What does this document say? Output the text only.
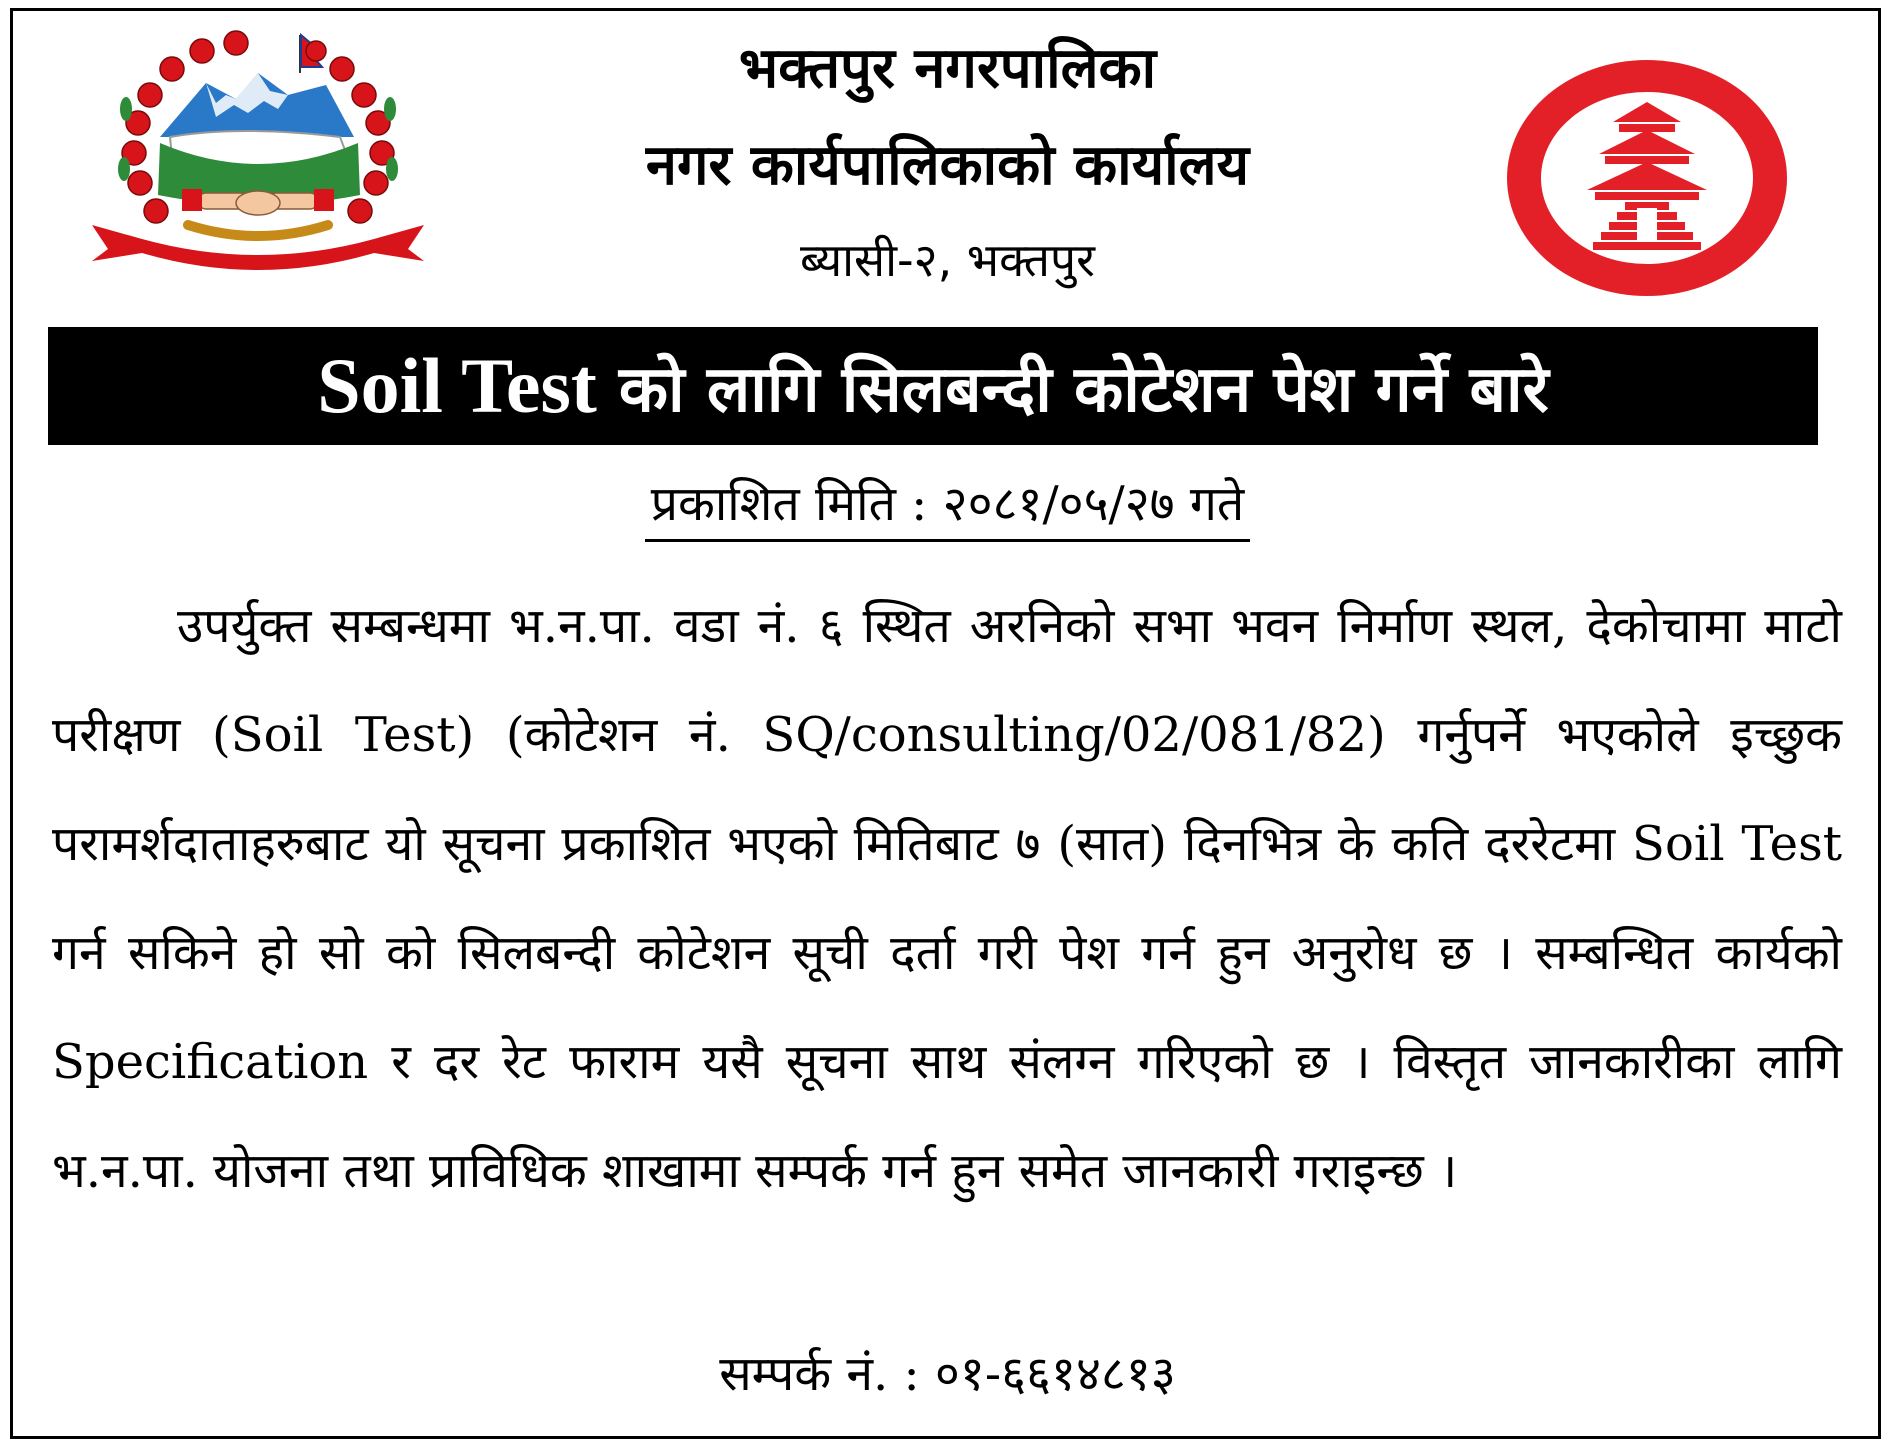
भक्तपुर नगरपालिका
नगर कार्यपालिकाको कार्यालय
ब्यासी-२, भक्तपुर
Soil Test को लागि सिलबन्दी कोटेशन पेश गर्ने बारे
प्रकाशित मिति : २०८१/०५/२७ गते

उपर्युक्त सम्बन्धमा भ.न.पा. वडा नं. ६ स्थित अरनिको सभा भवन निर्माण स्थल, देकोचामा माटो परीक्षण (Soil Test) (कोटेशन नं. SQ/consulting/02/081/82) गर्नुपर्ने भएकोले इच्छुक परामर्शदाताहरुबाट यो सूचना प्रकाशित भएको मितिबाट ७ (सात) दिनभित्र के कति दररेटमा Soil Test गर्न सकिने हो सो को सिलबन्दी कोटेशन सूची दर्ता गरी पेश गर्न हुन अनुरोध छ । सम्बन्धित कार्यको Specification र दर रेट फाराम यसै सूचना साथ संलग्न गरिएको छ । विस्तृत जानकारीका लागि भ.न.पा. योजना तथा प्राविधिक शाखामा सम्पर्क गर्न हुन समेत जानकारी गराइन्छ ।

सम्पर्क नं. : ०१-६६१४८१३
